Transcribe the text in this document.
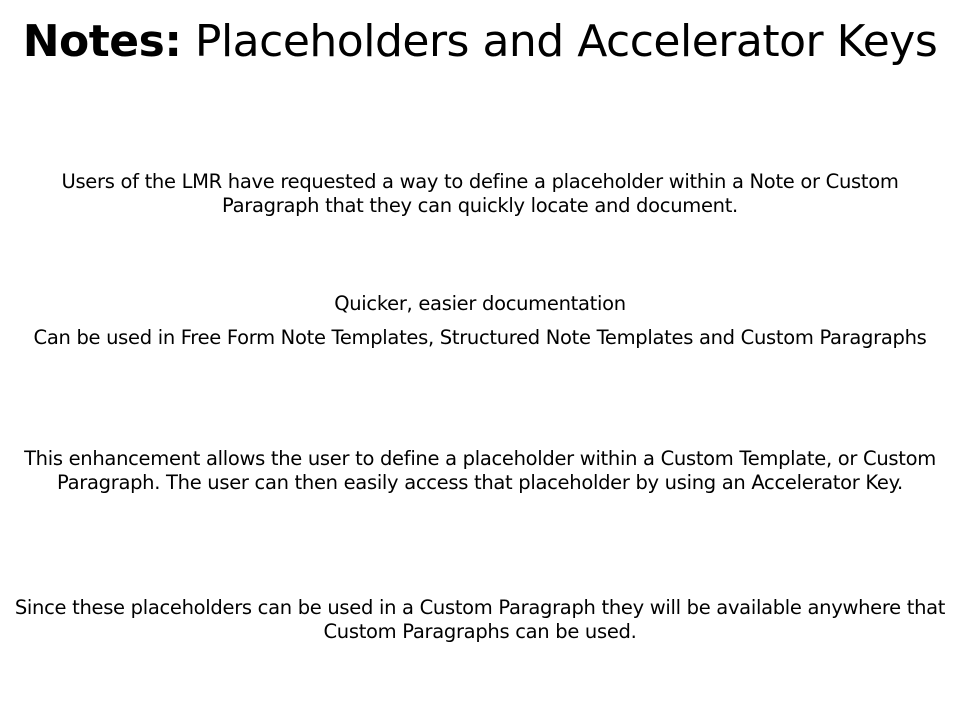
Notes: Placeholders and Accelerator Keys

Users of the LMR have requested a way to define a placeholder within a Note or Custom Paragraph that they can quickly locate and document.

Quicker, easier documentation

Can be used in Free Form Note Templates, Structured Note Templates and Custom Paragraphs

This enhancement allows the user to define a placeholder within a Custom Template, or Custom Paragraph. The user can then easily access that placeholder by using an Accelerator Key.

Since these placeholders can be used in a Custom Paragraph they will be available anywhere that Custom Paragraphs can be used.
